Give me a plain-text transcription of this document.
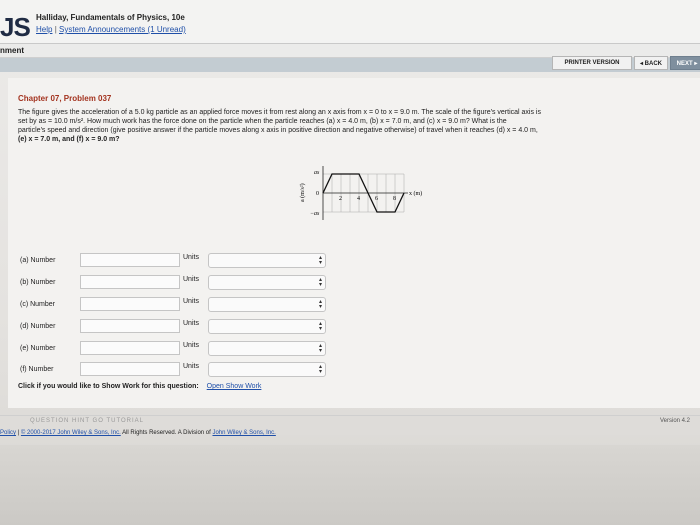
JS Halliday, Fundamentals of Physics, 10e
Help | System Announcements (1 Unread)
nment
PRINTER VERSION	◂ BACK	NEXT ▸
Chapter 07, Problem 037
The figure gives the acceleration of a 5.0 kg particle as an applied force moves it from rest along an x axis from x = 0 to x = 9.0 m. The scale of the figure's vertical axis is
set by as = 10.0 m/s². How much work has the force done on the particle when the particle reaches (a) x = 4.0 m, (b) x = 7.0 m, and (c) x = 9.0 m? What is the
particle's speed and direction (give positive answer if the particle moves along x axis in positive direction and negative otherwise) of travel when it reaches (d) x = 4.0 m,
(e) x = 7.0 m, and (f) x = 9.0 m?
as
0
−as
a (m/s²)	x (m)
2	4	6	8
(a) Number	Units	▴
▾
(b) Number	Units	▴
▾
(c) Number	Units	▴
▾
(d) Number	Units	▴
▾
(e) Number	Units	▴
▾
(f) Number	Units	▴
▾
Click if you would like to Show Work for this question: Open Show Work
QUESTION HINT GO TUTORIAL	Version 4.2
Policy | © 2000-2017 John Wiley & Sons, Inc. All Rights Reserved. A Division of John Wiley & Sons, Inc.
